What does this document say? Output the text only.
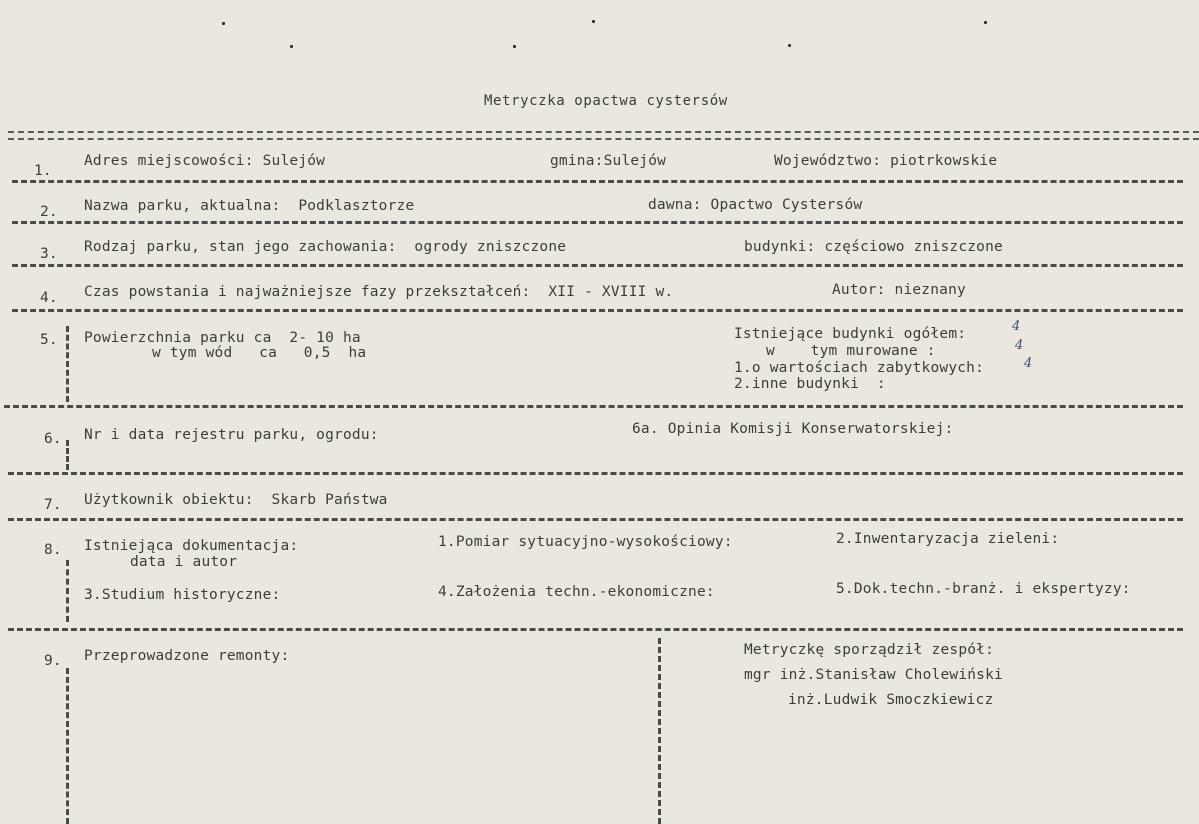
Metryczka opactwa cystersów
1.
Adres miejscowości: Sulejów	gmina:Sulejów	Województwo: piotrkowskie
2. Nazwa parku, aktualna:  Podklasztorze	dawna: Opactwo Cystersów
3. Rodzaj parku, stan jego zachowania:  ogrody zniszczone	budynki: częściowo zniszczone
4. Czas powstania i najważniejsze fazy przekształceń:  XII - XVIII w.	Autor: nieznany
5. Powierzchnia parku ca  2- 10 ha
w tym wód   ca   0,5  ha
Istniejące budynki ogółem:	4
w    tym murowane :	4
1.o wartościach zabytkowych:	4
2.inne budynki  :
6. Nr i data rejestru parku, ogrodu:	6a. Opinia Komisji Konserwatorskiej:
7. Użytkownik obiektu:  Skarb Państwa
8. Istniejąca dokumentacja:
data i autor
1.Pomiar sytuacyjno-wysokościowy:	2.Inwentaryzacja zieleni:
3.Studium historyczne:	4.Założenia techn.-ekonomiczne:	5.Dok.techn.-branż. i ekspertyzy:
9. Przeprowadzone remonty:	Metryczkę sporządził zespół:
mgr inż.Stanisław Cholewiński
inż.Ludwik Smoczkiewicz
